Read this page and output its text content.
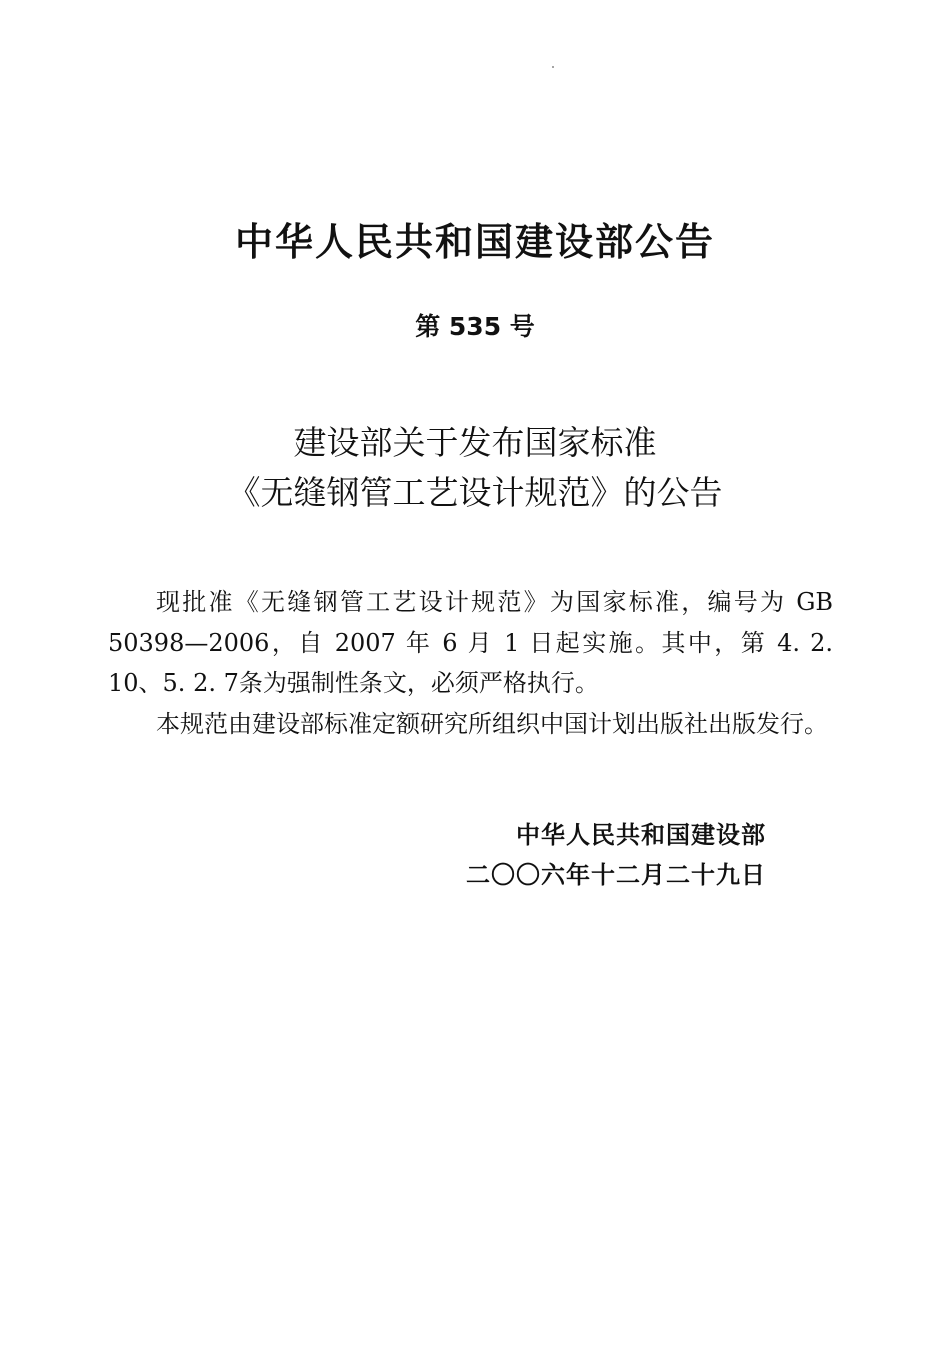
中华人民共和国建设部公告
第 535 号
建设部关于发布国家标准
《无缝钢管工艺设计规范》的公告

现批准《无缝钢管工艺设计规范》为国家标准，编号为 GB 50398—2006，自 2007 年 6 月 1 日起实施。其中，第 4. 2. 10、5. 2. 7条为强制性条文，必须严格执行。

本规范由建设部标准定额研究所组织中国计划出版社出版发行。

中华人民共和国建设部
二〇〇六年十二月二十九日
